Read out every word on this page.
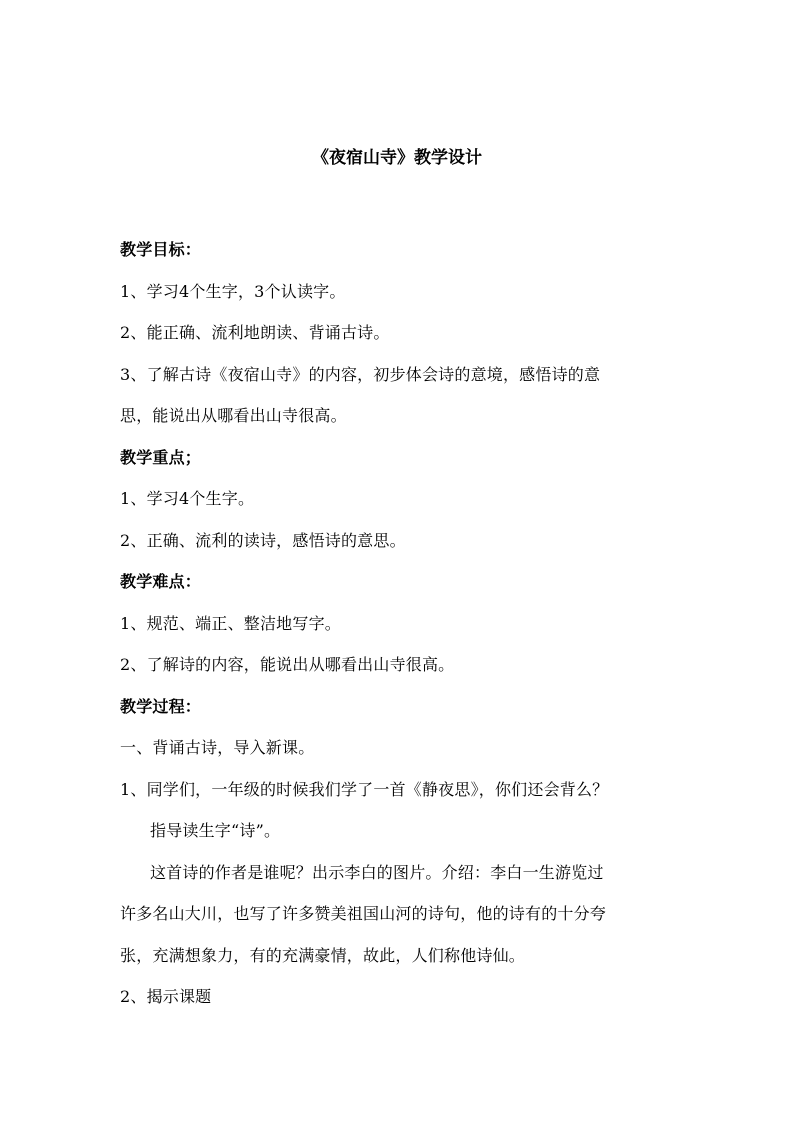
《夜宿山寺》教学设计
教学目标：
1、学习4个生字，3个认读字。
2、能正确、流利地朗读、背诵古诗。
3、了解古诗《夜宿山寺》的内容，初步体会诗的意境，感悟诗的意
思，能说出从哪看出山寺很高。
教学重点；
1、学习4个生字。
2、正确、流利的读诗，感悟诗的意思。
教学难点：
1、规范、端正、整洁地写字。
2、了解诗的内容，能说出从哪看出山寺很高。
教学过程：
一、背诵古诗，导入新课。
1、同学们，一年级的时候我们学了一首《静夜思》，你们还会背么？
指导读生字“诗”。
这首诗的作者是谁呢？出示李白的图片。介绍：李白一生游览过
许多名山大川，也写了许多赞美祖国山河的诗句，他的诗有的十分夸
张，充满想象力，有的充满豪情，故此，人们称他诗仙。
2、揭示课题
